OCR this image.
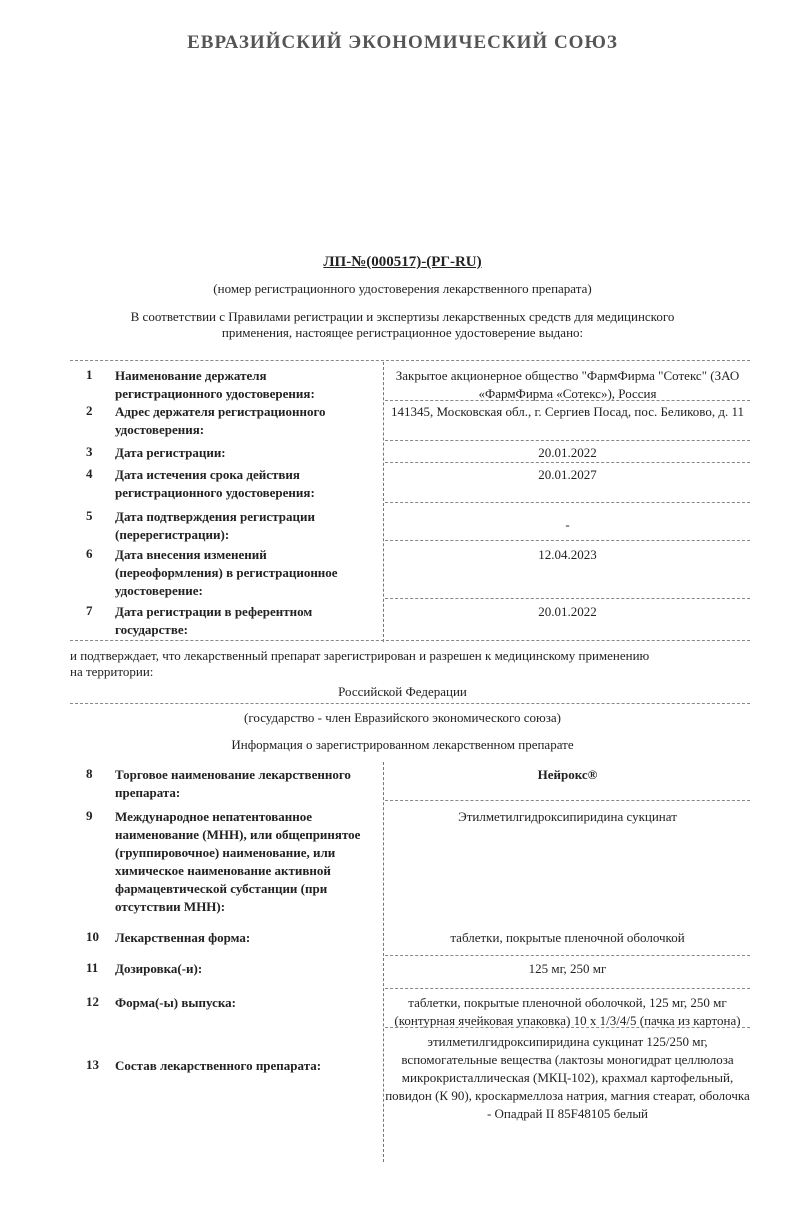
ЕВРАЗИЙСКИЙ ЭКОНОМИЧЕСКИЙ СОЮЗ
ЛП-№(000517)-(РГ-RU)
(номер регистрационного удостоверения лекарственного препарата)
В соответствии с Правилами регистрации и экспертизы лекарственных средств для медицинского
применения, настоящее регистрационное удостоверение выдано:
1	Наименование держателя регистрационного удостоверения:
Закрытое акционерное общество "ФармФирма "Сотекс" (ЗАО «ФармФирма «Сотекс»), Россия
2	Адрес держателя регистрационного удостоверения:
141345, Московская обл., г. Сергиев Посад, пос. Беликово, д. 11
3	Дата регистрации:	20.01.2022
4	Дата истечения срока действия регистрационного удостоверения:
20.01.2027
5	Дата подтверждения регистрации (перерегистрации):
-
6	Дата внесения изменений (переоформления) в регистрационное удостоверение:
12.04.2023
7	Дата регистрации в референтном государстве:
20.01.2022
и подтверждает, что лекарственный препарат зарегистрирован и разрешен к медицинскому применению
на территории:
Российской Федерации
(государство - член Евразийского экономического союза)
Информация о зарегистрированном лекарственном препарате
8	Торговое наименование лекарственного препарата:
Нейрокс®
9	Международное непатентованное наименование (МНН), или общепринятое (группировочное) наименование, или химическое наименование активной фармацевтической субстанции (при отсутствии МНН):
Этилметилгидроксипиридина сукцинат
10	Лекарственная форма:	таблетки, покрытые пленочной оболочкой
11	Дозировка(-и):	125 мг, 250 мг
12	Форма(-ы) выпуска:	таблетки, покрытые пленочной оболочкой, 125 мг, 250 мг (контурная ячейковая упаковка) 10 х 1/3/4/5 (пачка из картона)
13	Состав лекарственного препарата:
этилметилгидроксипиридина сукцинат 125/250 мг, вспомогательные вещества (лактозы моногидрат целлюлоза микрокристаллическая (МКЦ-102), крахмал картофельный, повидон (К 90), кроскармеллоза натрия, магния стеарат, оболочка - Опадрай II 85F48105 белый
